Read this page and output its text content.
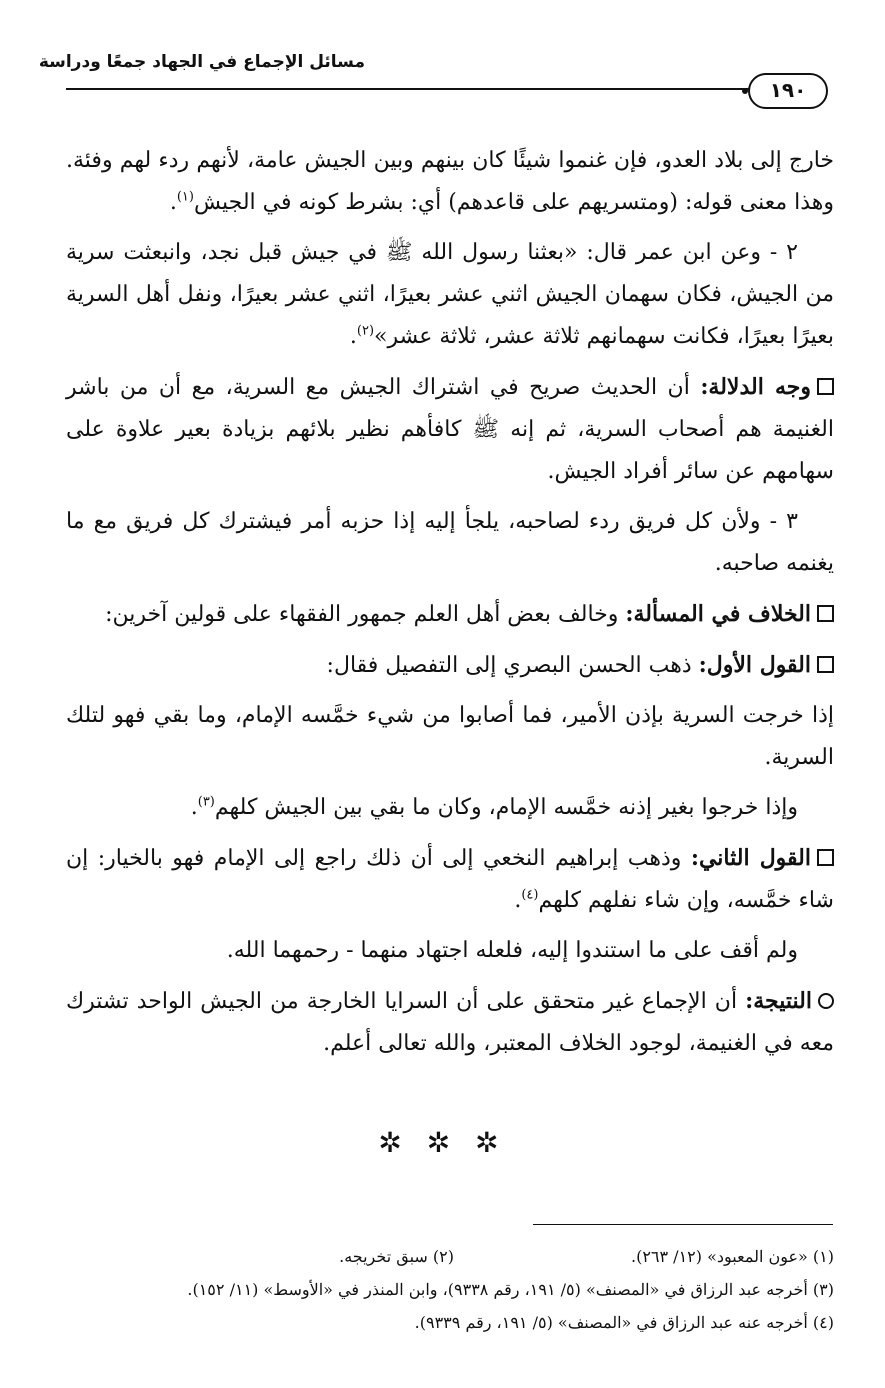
مسائل الإجماع في الجهاد جمعًا ودراسة
١٩٠

خارج إلى بلاد العدو، فإن غنموا شيئًا كان بينهم وبين الجيش عامة، لأنهم ردء لهم وفئة. وهذا معنى قوله: (ومتسريهم على قاعدهم) أي: بشرط كونه في الجيش$^{(١)}$.

٢ - وعن ابن عمر قال: «بعثنا رسول الله ﷺ في جيش قبل نجد، وانبعثت سرية من الجيش، فكان سهمان الجيش اثني عشر بعيرًا، اثني عشر بعيرًا، ونفل أهل السرية بعيرًا بعيرًا، فكانت سهمانهم ثلاثة عشر، ثلاثة عشر»$^{(٢)}$.

وجه الدلالة: أن الحديث صريح في اشتراك الجيش مع السرية، مع أن من باشر الغنيمة هم أصحاب السرية، ثم إنه ﷺ كافأهم نظير بلائهم بزيادة بعير علاوة على سهامهم عن سائر أفراد الجيش.

٣ - ولأن كل فريق ردء لصاحبه، يلجأ إليه إذا حزبه أمر فيشترك كل فريق مع ما يغنمه صاحبه.

الخلاف في المسألة: وخالف بعض أهل العلم جمهور الفقهاء على قولين آخرين:

القول الأول: ذهب الحسن البصري إلى التفصيل فقال:

إذا خرجت السرية بإذن الأمير، فما أصابوا من شيء خمَّسه الإمام، وما بقي فهو لتلك السرية.

وإذا خرجوا بغير إذنه خمَّسه الإمام، وكان ما بقي بين الجيش كلهم$^{(٣)}$.

القول الثاني: وذهب إبراهيم النخعي إلى أن ذلك راجع إلى الإمام فهو بالخيار: إن شاء خمَّسه، وإن شاء نفلهم كلهم$^{(٤)}$.

ولم أقف على ما استندوا إليه، فلعله اجتهاد منهما - رحمهما الله.

النتيجة: أن الإجماع غير متحقق على أن السرايا الخارجة من الجيش الواحد تشترك معه في الغنيمة، لوجود الخلاف المعتبر، والله تعالى أعلم.

✲ ✲ ✲
(١) «عون المعبود» (١٢/ ٢٦٣).
(٢) سبق تخريجه.
(٣) أخرجه عبد الرزاق في «المصنف» (٥/ ١٩١، رقم ٩٣٣٨)، وابن المنذر في «الأوسط» (١١/ ١٥٢).
(٤) أخرجه عنه عبد الرزاق في «المصنف» (٥/ ١٩١، رقم ٩٣٣٩).
